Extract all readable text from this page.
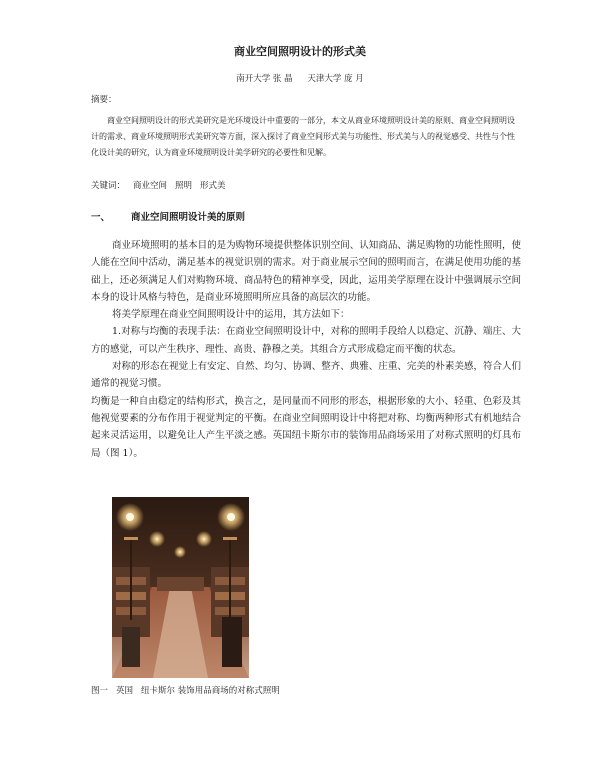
商业空间照明设计的形式美
南开大学 张 晶 天津大学 庞 月
摘要：
商业空间照明设计的形式美研究是光环境设计中重要的一部分，本文从商业环境照明设计美的原则、商业空间照明设计的需求、商业环境照明形式美研究等方面，深入探讨了商业空间形式美与功能性、形式美与人的视觉感受、共性与个性化设计美的研究，认为商业环境照明设计美学研究的必要性和见解。
关键词： 商业空间 照明 形式美
一、 商业空间照明设计美的原则

商业环境照明的基本目的是为购物环境提供整体识别空间、认知商品、满足购物的功能性照明，使人能在空间中活动，满足基本的视觉识别的需求。对于商业展示空间的照明而言，在满足使用功能的基础上，还必须满足人们对购物环境、商品特色的精神享受，因此，运用美学原理在设计中强调展示空间本身的设计风格与特色，是商业环境照明所应具备的高层次的功能。

将美学原理在商业空间照明设计中的运用，其方法如下：

1.对称与均衡的表现手法：在商业空间照明设计中，对称的照明手段给人以稳定、沉静、端庄、大方的感觉，可以产生秩序、理性、高贵、静穆之美。其组合方式形成稳定而平衡的状态。

对称的形态在视觉上有安定、自然、均匀、协调、整齐、典雅、庄重、完美的朴素美感，符合人们通常的视觉习惯。

均衡是一种自由稳定的结构形式，换言之，是同量而不同形的形态，根据形象的大小、轻重、色彩及其他视觉要素的分布作用于视觉判定的平衡。在商业空间照明设计中将把对称、均衡两种形式有机地结合起来灵活运用，以避免让人产生平淡之感。英国纽卡斯尔市的装饰用品商场采用了对称式照明的灯具布局（图 1）。

图一 英国 纽卡斯尔 装饰用品商场的对称式照明
